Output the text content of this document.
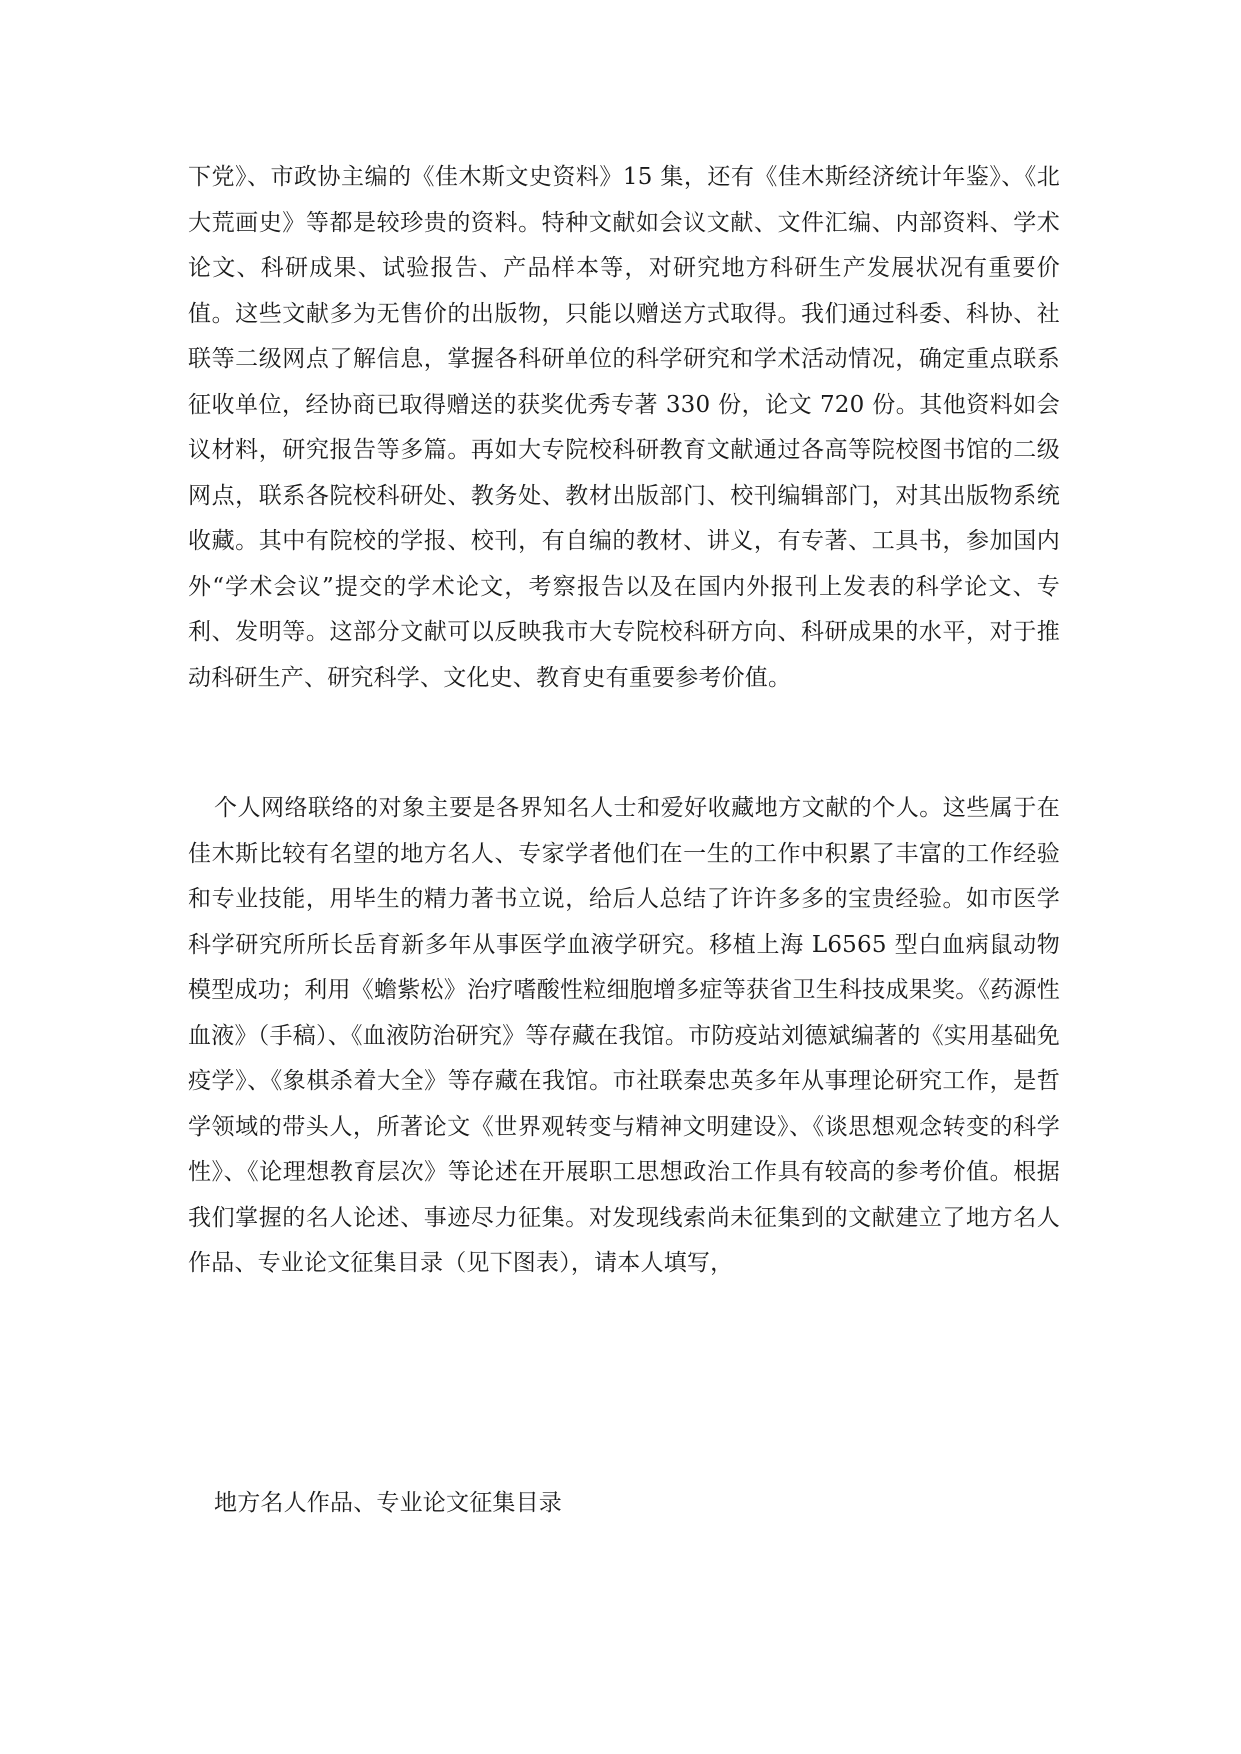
下党》、市政协主编的《佳木斯文史资料》15 集，还有《佳木斯经济统计年鉴》、《北大荒画史》等都是较珍贵的资料。特种文献如会议文献、文件汇编、内部资料、学术论文、科研成果、试验报告、产品样本等，对研究地方科研生产发展状况有重要价值。这些文献多为无售价的出版物，只能以赠送方式取得。我们通过科委、科协、社联等二级网点了解信息，掌握各科研单位的科学研究和学术活动情况，确定重点联系征收单位，经协商已取得赠送的获奖优秀专著 330 份，论文 720 份。其他资料如会议材料，研究报告等多篇。再如大专院校科研教育文献通过各高等院校图书馆的二级网点，联系各院校科研处、教务处、教材出版部门、校刊编辑部门，对其出版物系统收藏。其中有院校的学报、校刊，有自编的教材、讲义，有专著、工具书，参加国内外“学术会议”提交的学术论文，考察报告以及在国内外报刊上发表的科学论文、专利、发明等。这部分文献可以反映我市大专院校科研方向、科研成果的水平，对于推动科研生产、研究科学、文化史、教育史有重要参考价值。

个人网络联络的对象主要是各界知名人士和爱好收藏地方文献的个人。这些属于在佳木斯比较有名望的地方名人、专家学者他们在一生的工作中积累了丰富的工作经验和专业技能，用毕生的精力著书立说，给后人总结了许许多多的宝贵经验。如市医学科学研究所所长岳育新多年从事医学血液学研究。移植上海 L6565 型白血病鼠动物模型成功；利用《蟾紫松》治疗嗜酸性粒细胞增多症等获省卫生科技成果奖。《药源性血液》（手稿）、《血液防治研究》等存藏在我馆。市防疫站刘德斌编著的《实用基础免疫学》、《象棋杀着大全》等存藏在我馆。市社联秦忠英多年从事理论研究工作，是哲学领域的带头人，所著论文《世界观转变与精神文明建设》、《谈思想观念转变的科学性》、《论理想教育层次》等论述在开展职工思想政治工作具有较高的参考价值。根据我们掌握的名人论述、事迹尽力征集。对发现线索尚未征集到的文献建立了地方名人作品、专业论文征集目录（见下图表），请本人填写，

地方名人作品、专业论文征集目录
